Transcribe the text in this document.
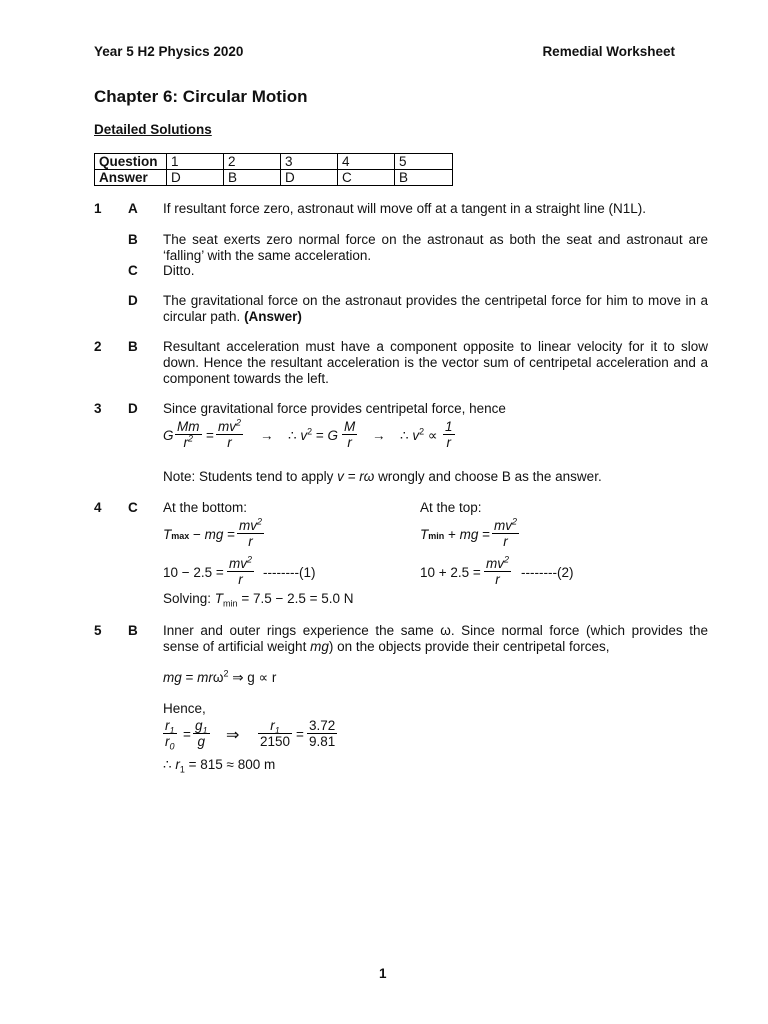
Year 5 H2 Physics 2020	Remedial Worksheet
Chapter 6: Circular Motion
Detailed Solutions
Question	1	2	3	4	5
Answer	D	B	D	C	B
1 A If resultant force zero, astronaut will move off at a tangent in a straight line (N1L).
B The seat exerts zero normal force on the astronaut as both the seat and astronaut are ‘falling’ with the same acceleration.
C Ditto.
D The gravitational force on the astronaut provides the centripetal force for him to move in a circular path. (Answer)
2 B Resultant acceleration must have a component opposite to linear velocity for it to slow down. Hence the resultant acceleration is the vector sum of centripetal acceleration and a component towards the left.
3 D Since gravitational force provides centripetal force, hence
G $\frac{Mm}{r^2} = \frac{mv^2}{r}$ → ∴ $v^2 = G \frac{M}{r}$ → ∴ $v^2 \propto \frac{1}{r}$
Note: Students tend to apply v = rω wrongly and choose B as the answer.
4 C At the bottom:	At the top:
Tmax − mg = $\frac{mv^2}{r}$	Tmin + mg = $\frac{mv^2}{r}$
$10 - 2.5 = \frac{mv^2}{r} --------(1)$	$10 + 2.5 = \frac{mv^2}{r} --------(2)$
Solving: $T_{min} = 7.5 - 2.5 = 5.0$ N
5 B Inner and outer rings experience the same ω. Since normal force (which provides the sense of artificial weight mg) on the objects provide their centripetal forces,
mg = mrω$^2$ ⇒ g ∝ r
Hence,
$\frac{r_1}{r_0} = \frac{g_1}{g}$ ⇒ $\frac{r_1}{2150} = \frac{3.72}{9.81}$
∴ $r_1 = 815 \approx 800$ m
1
